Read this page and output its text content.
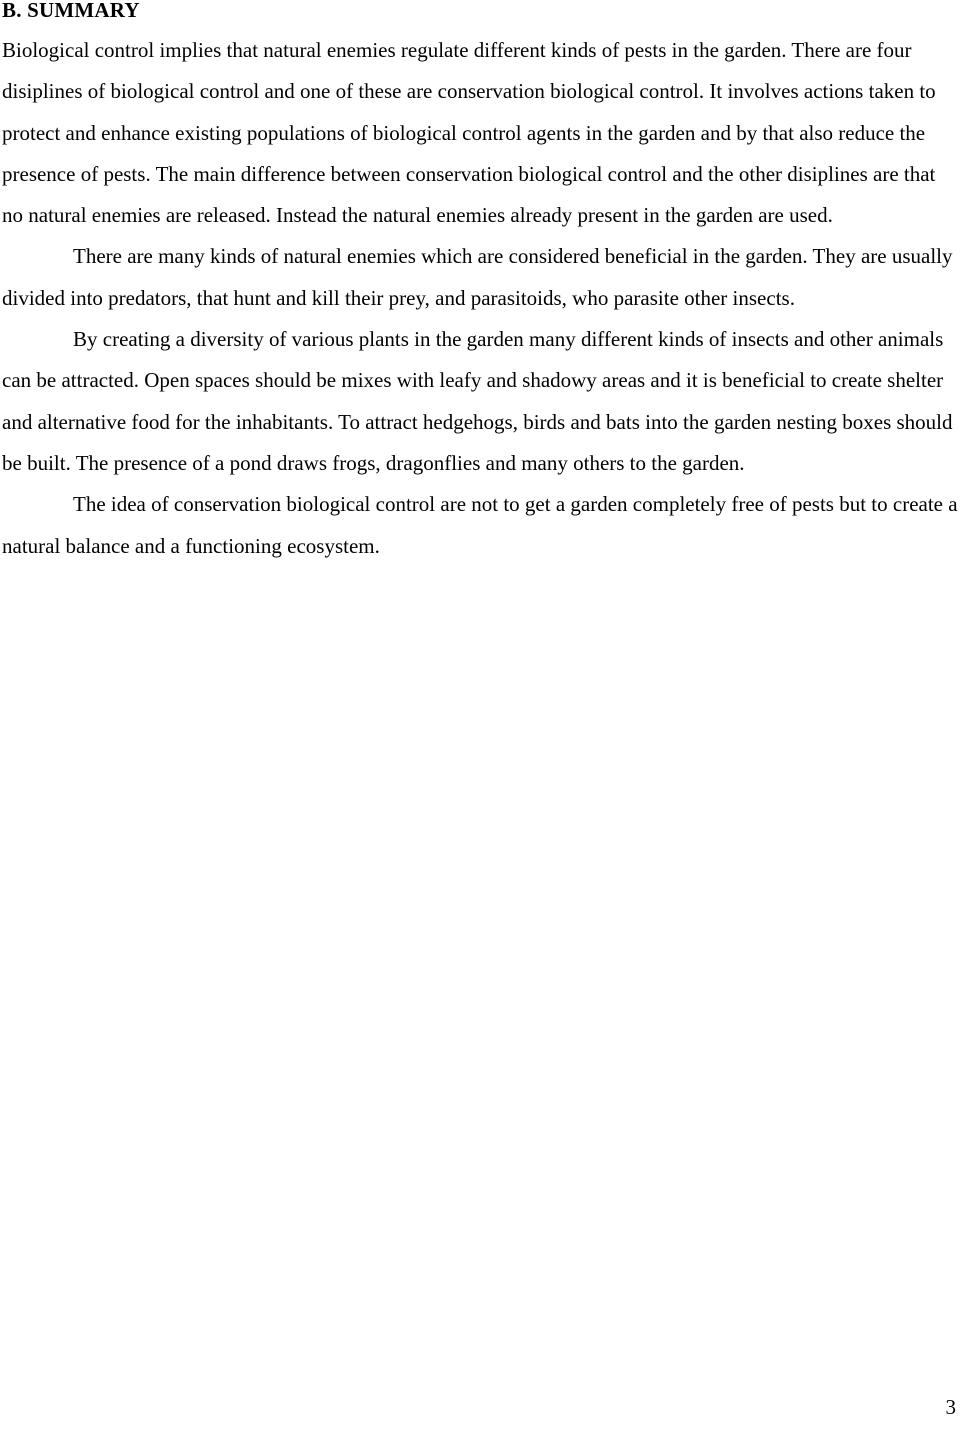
B. SUMMARY

Biological control implies that natural enemies regulate different kinds of pests in the garden. There are four disiplines of biological control and one of these are conservation biological control. It involves actions taken to protect and enhance existing populations of biological control agents in the garden and by that also reduce the presence of pests. The main difference between conservation biological control and the other disiplines are that no natural enemies are released. Instead the natural enemies already present in the garden are used.

There are many kinds of natural enemies which are considered beneficial in the garden. They are usually divided into predators, that hunt and kill their prey, and parasitoids, who parasite other insects.

By creating a diversity of various plants in the garden many different kinds of insects and other animals can be attracted. Open spaces should be mixes with leafy and shadowy areas and it is beneficial to create shelter and alternative food for the inhabitants. To attract hedgehogs, birds and bats into the garden nesting boxes should be built. The presence of a pond draws frogs, dragonflies and many others to the garden.

The idea of conservation biological control are not to get a garden completely free of pests but to create a natural balance and a functioning ecosystem.

3
